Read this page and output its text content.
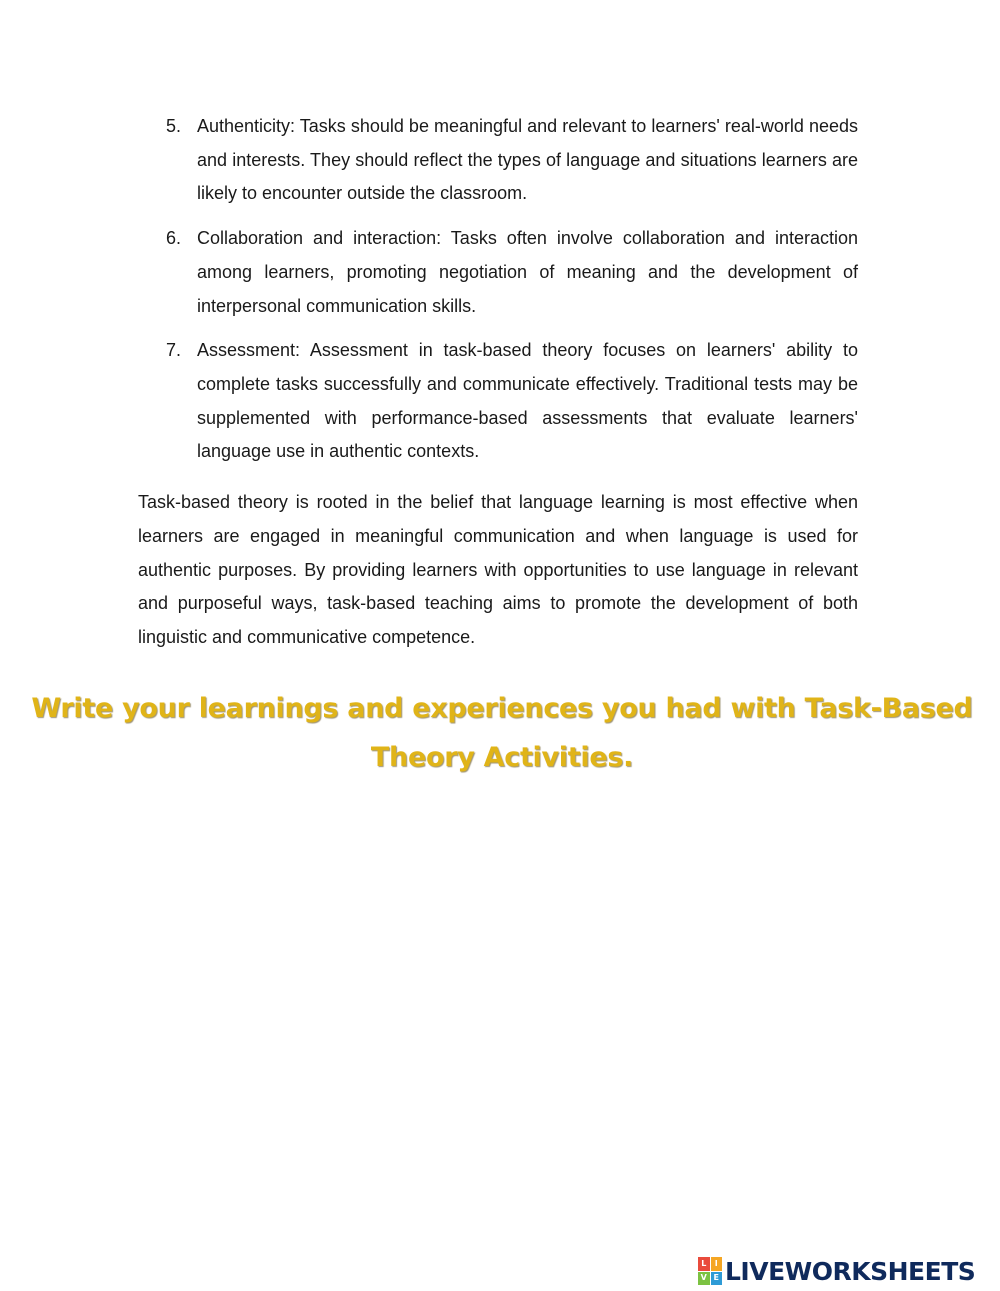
5. Authenticity: Tasks should be meaningful and relevant to learners' real-world needs and interests. They should reflect the types of language and situations learners are likely to encounter outside the classroom.
6. Collaboration and interaction: Tasks often involve collaboration and interaction among learners, promoting negotiation of meaning and the development of interpersonal communication skills.
7. Assessment: Assessment in task-based theory focuses on learners' ability to complete tasks successfully and communicate effectively. Traditional tests may be supplemented with performance-based assessments that evaluate learners' language use in authentic contexts.

Task-based theory is rooted in the belief that language learning is most effective when learners are engaged in meaningful communication and when language is used for authentic purposes. By providing learners with opportunities to use language in relevant and purposeful ways, task-based teaching aims to promote the development of both linguistic and communicative competence.

Write your learnings and experiences you had with Task-Based
Theory Activities.
L	I
V E LIVEWORKSHEETS
